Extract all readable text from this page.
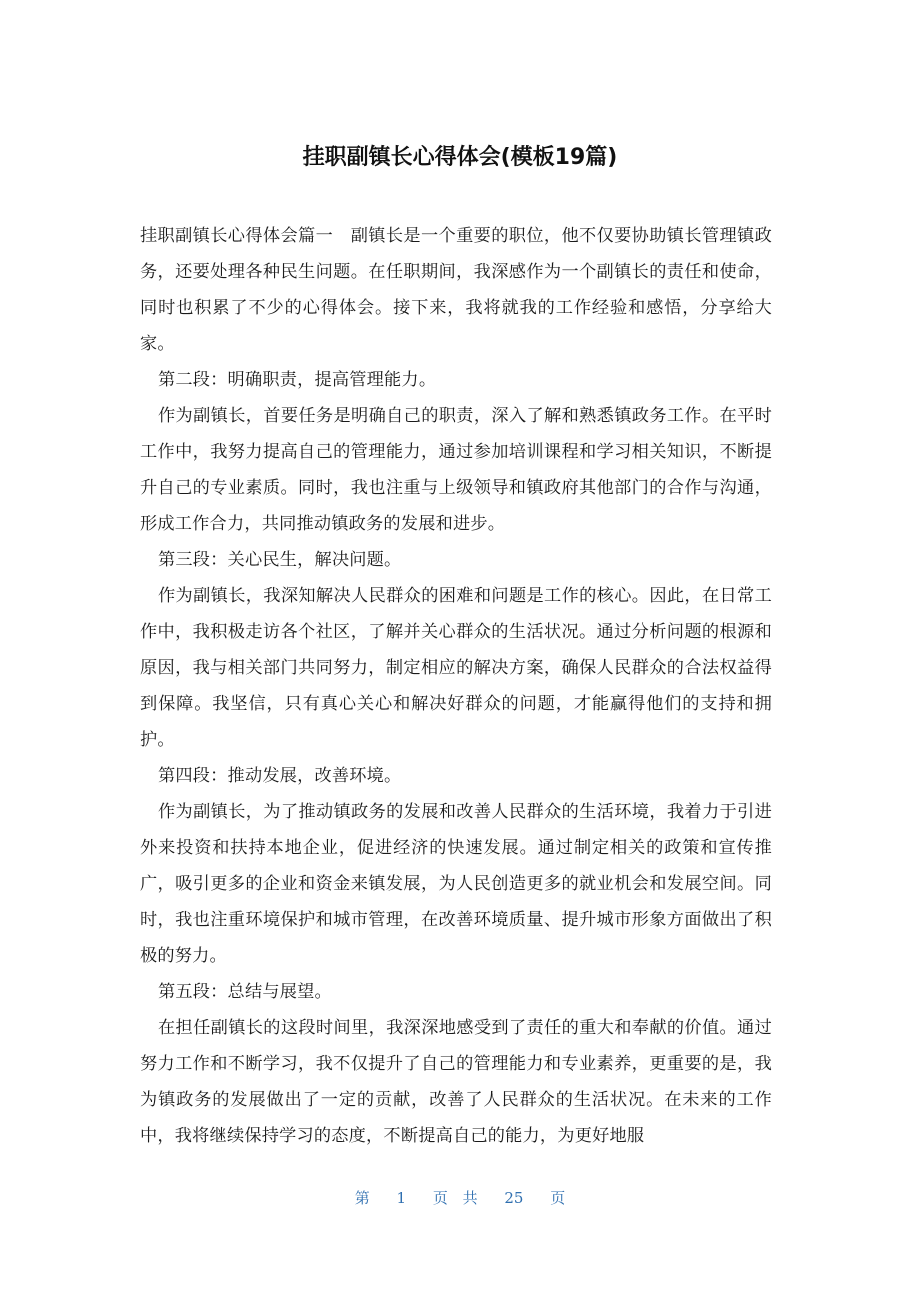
挂职副镇长心得体会(模板19篇)

挂职副镇长心得体会篇一　副镇长是一个重要的职位，他不仅要协助镇长管理镇政务，还要处理各种民生问题。在任职期间，我深感作为一个副镇长的责任和使命，同时也积累了不少的心得体会。接下来，我将就我的工作经验和感悟，分享给大家。

第二段：明确职责，提高管理能力。

作为副镇长，首要任务是明确自己的职责，深入了解和熟悉镇政务工作。在平时工作中，我努力提高自己的管理能力，通过参加培训课程和学习相关知识，不断提升自己的专业素质。同时，我也注重与上级领导和镇政府其他部门的合作与沟通，形成工作合力，共同推动镇政务的发展和进步。

第三段：关心民生，解决问题。

作为副镇长，我深知解决人民群众的困难和问题是工作的核心。因此，在日常工作中，我积极走访各个社区，了解并关心群众的生活状况。通过分析问题的根源和原因，我与相关部门共同努力，制定相应的解决方案，确保人民群众的合法权益得到保障。我坚信，只有真心关心和解决好群众的问题，才能赢得他们的支持和拥护。

第四段：推动发展，改善环境。

作为副镇长，为了推动镇政务的发展和改善人民群众的生活环境，我着力于引进外来投资和扶持本地企业，促进经济的快速发展。通过制定相关的政策和宣传推广，吸引更多的企业和资金来镇发展，为人民创造更多的就业机会和发展空间。同时，我也注重环境保护和城市管理，在改善环境质量、提升城市形象方面做出了积极的努力。

第五段：总结与展望。

在担任副镇长的这段时间里，我深深地感受到了责任的重大和奉献的价值。通过努力工作和不断学习，我不仅提升了自己的管理能力和专业素养，更重要的是，我为镇政务的发展做出了一定的贡献，改善了人民群众的生活状况。在未来的工作中，我将继续保持学习的态度，不断提高自己的能力，为更好地服

第 1 页 共 25 页
